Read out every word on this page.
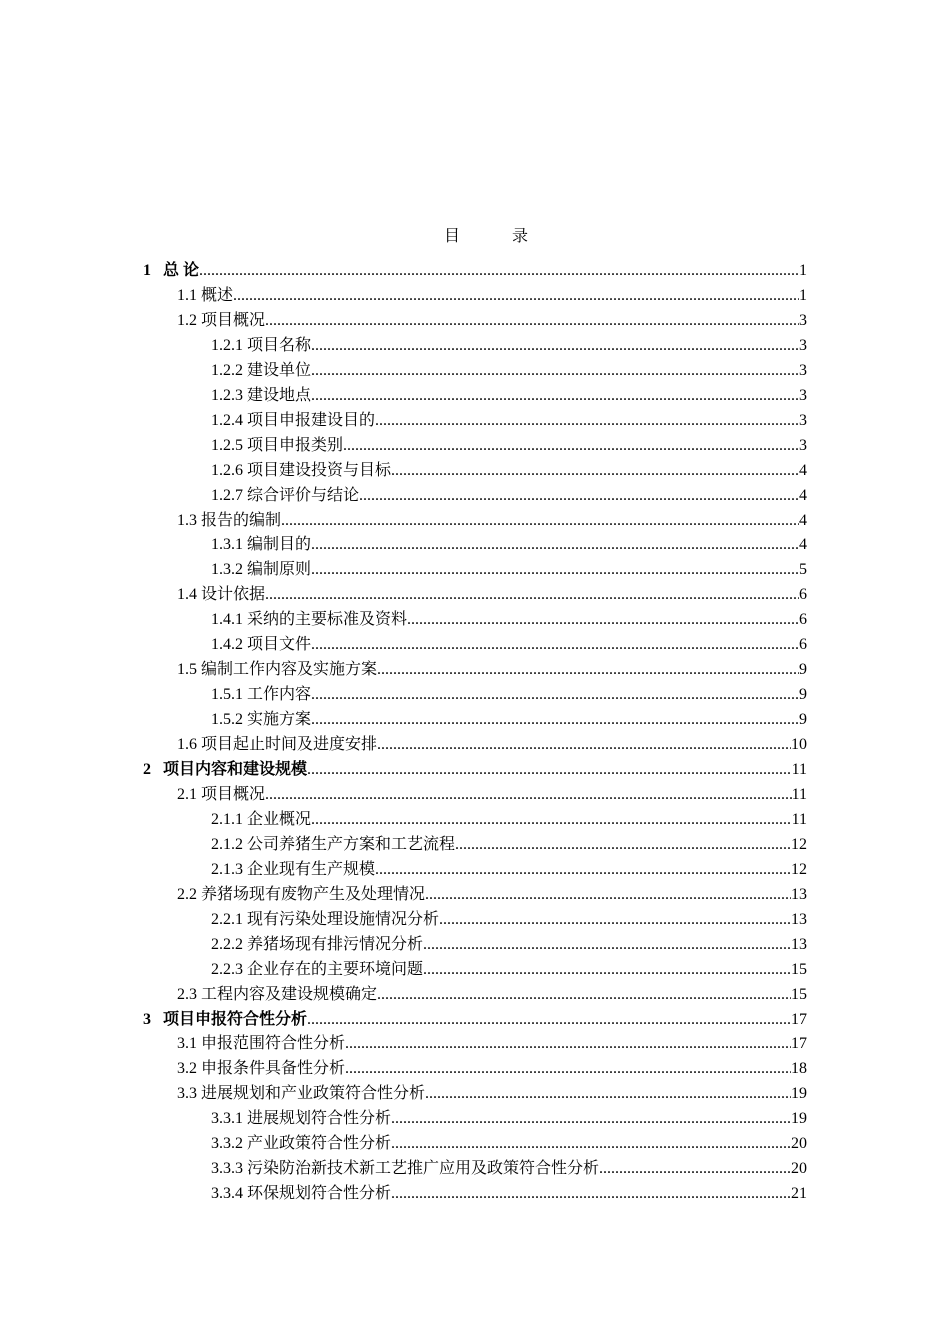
目　录
1 总 论 .....	1
1.1 概述 .....	1
1.2 项目概况 .....	3
1.2.1 项目名称 .....	3
1.2.2 建设单位 .....	3
1.2.3 建设地点 .....	3
1.2.4 项目申报建设目的 .....	3
1.2.5 项目申报类别 .....	3
1.2.6 项目建设投资与目标 .....	4
1.2.7 综合评价与结论 .....	4
1.3 报告的编制 .....	4
1.3.1 编制目的 .....	4
1.3.2 编制原则 .....	5
1.4 设计依据 .....	6
1.4.1 采纳的主要标准及资料 .....	6
1.4.2 项目文件 .....	6
1.5 编制工作内容及实施方案 .....	9
1.5.1 工作内容 .....	9
1.5.2 实施方案 .....	9
1.6 项目起止时间及进度安排 .....	10
2 项目内容和建设规模 .....	11
2.1 项目概况 .....	11
2.1.1 企业概况 .....	11
2.1.2 公司养猪生产方案和工艺流程 .....	12
2.1.3 企业现有生产规模 .....	12
2.2 养猪场现有废物产生及处理情况 .....	13
2.2.1 现有污染处理设施情况分析 .....	13
2.2.2 养猪场现有排污情况分析 .....	13
2.2.3 企业存在的主要环境问题 .....	15
2.3 工程内容及建设规模确定 .....	15
3 项目申报符合性分析 .....	17
3.1 申报范围符合性分析 .....	17
3.2 申报条件具备性分析 .....	18
3.3 进展规划和产业政策符合性分析 .....	19
3.3.1 进展规划符合性分析 .....	19
3.3.2 产业政策符合性分析 .....	20
3.3.3 污染防治新技术新工艺推广应用及政策符合性分析 .....	20
3.3.4 环保规划符合性分析 .....	21
